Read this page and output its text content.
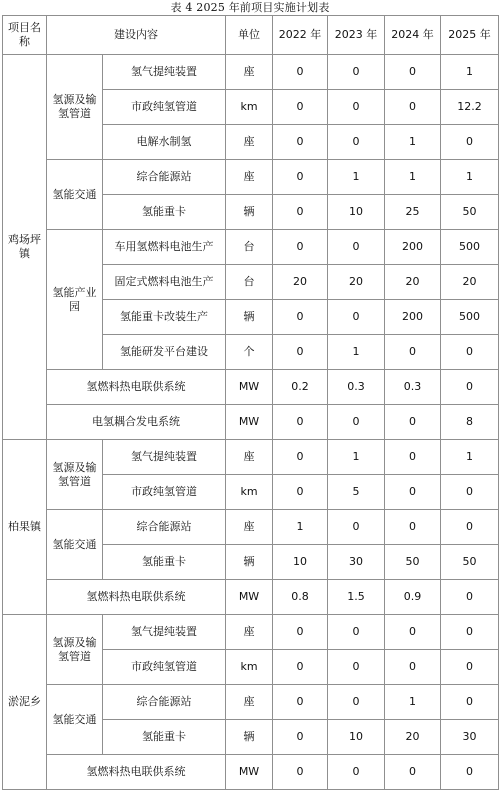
表 4 2025 年前项目实施计划表
项目名称	建设内容		单位	2022 年	2023 年	2024 年	2025 年
鸡场坪镇	氢源及输氢管道	氢气提纯装置	座	0	0	0	1
		市政纯氢管道	km	0	0	0	12.2
		电解水制氢	座	0	0	1	0
	氢能交通	综合能源站	座	0	1	1	1
		氢能重卡	辆	0	10	25	50
	氢能产业园	车用氢燃料电池生产	台	0	0	200	500
		固定式燃料电池生产	台	20	20	20	20
		氢能重卡改装生产	辆	0	0	200	500
		氢能研发平台建设	个	0	1	0	0
	氢燃料热电联供系统		MW	0.2	0.3	0.3	0
	电氢耦合发电系统		MW	0	0	0	8
柏果镇	氢源及输氢管道	氢气提纯装置	座	0	1	0	1
		市政纯氢管道	km	0	5	0	0
	氢能交通	综合能源站	座	1	0	0	0
		氢能重卡	辆	10	30	50	50
	氢燃料热电联供系统		MW	0.8	1.5	0.9	0
淤泥乡	氢源及输氢管道	氢气提纯装置	座	0	0	0	0
		市政纯氢管道	km	0	0	0	0
	氢能交通	综合能源站	座	0	0	1	0
		氢能重卡	辆	0	10	20	30
	氢燃料热电联供系统		MW	0	0	0	0
